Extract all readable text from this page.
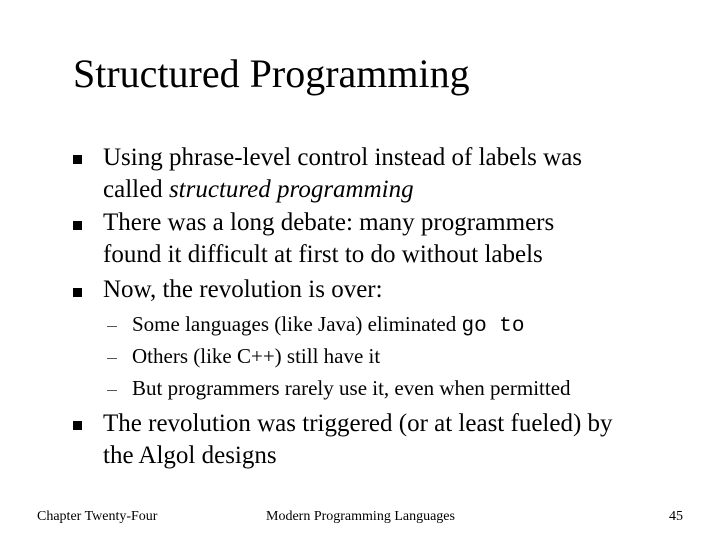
Structured Programming
Using phrase-level control instead of labels was
called structured programming
There was a long debate: many programmers
found it difficult at first to do without labels
Now, the revolution is over:
Some languages (like Java) eliminated go to
Others (like C++) still have it
But programmers rarely use it, even when permitted
The revolution was triggered (or at least fueled) by
the Algol designs
Chapter Twenty-Four	Modern Programming Languages	45
